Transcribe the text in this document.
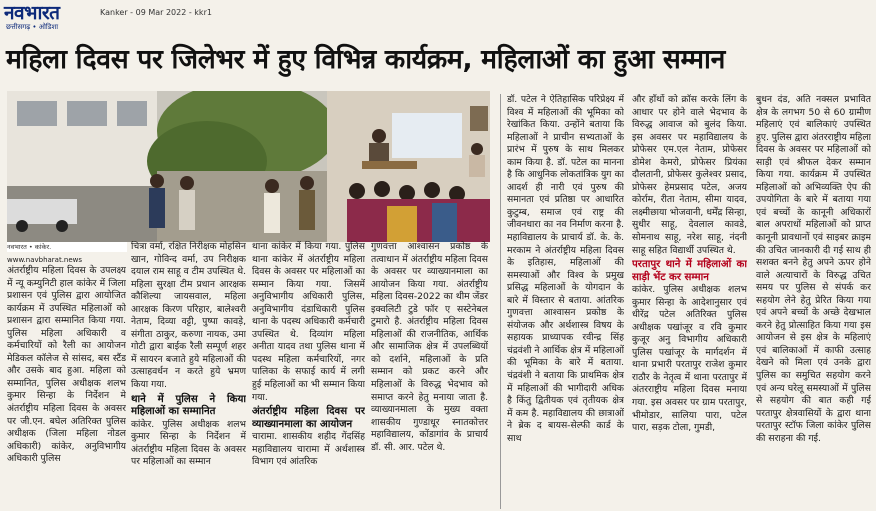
नवभारत
छत्तीसगढ़ • ओडिशा
Kanker - 09 Mar 2022 - kkr1
महिला दिवस पर जिलेभर में हुए विभिन्न कार्यक्रम, महिलाओं का हुआ सम्मान
नवभारत • कांकेर.

www.navbharat.news

अंतर्राष्ट्रीय महिला दिवस के उपलक्ष्य में न्यू कम्युनिटी हाल कांकेर में जिला प्रशासन एवं पुलिस द्वारा आयोजित कार्यक्रम में उपस्थित महिलाओं को प्रशासन द्वारा सम्मानित किया गया. पुलिस महिला अधिकारी व कर्मचारियों को रैली का आयोजन मेडिकल कॉलेज से सांसद, बस स्टैंड और उसके बाद हुआ. महिला को सम्मानित, पुलिस अधीक्षक शलभ कुमार सिन्हा के निर्देशन मे अंतर्राष्ट्रीय महिला दिवस के अवसर पर जी.एन. बघेल अतिरिक्त पुलिस अधीक्षक (जिला महिला नोडल अधिकारी) कांकेर, अनुविभागीय अधिकारी पुलिस

चित्रा वर्मा, रक्षित निरीक्षक मोहसिन खान, गोविन्द वर्मा, उप निरीक्षक दयाल राम साहू व टीम उपस्थित थे. महिला सुरक्षा टीम प्रधान आरक्षक कौशिल्या जायसवाल, महिला आरक्षक किरण परिहार, बालेश्वरी नेताम, दिव्या वट्टी, पुष्पा कावड़े, संगीता ठाकुर, करुणा नायक, उमा गोटी द्वारा बाईक रैली सम्पूर्ण शहर में सायरन बजाते हुये महिलाओं की उत्साहवर्धन न करते हुये भ्रमण किया गया.

थाने में पुलिस ने किया महिलाओं का सम्मानित

कांकेर. पुलिस अधीक्षक शलभ कुमार सिन्हा के निर्देशन में अंतर्राष्ट्रीय महिला दिवस के अवसर पर महिलाओं का सम्मान

थाना कांकेर में किया गया. पुलिस थाना कांकेर में अंतर्राष्ट्रीय महिला दिवस के अवसर पर महिलाओं का सम्मान किया गया. जिसमें अनुविभागीय अधिकारी पुलिस, अनुविभागीय दंडाधिकारी पुलिस थाना के पदस्थ अधिकारी कर्मचारी उपस्थित थे. दिव्यांग महिला अनीता यादव तथा पुलिस थाना में पदस्थ महिला कर्मचारियों, नगर पालिका के सफाई कार्य में लगी हुई महिलाओं का भी सम्मान किया गया.

अंतर्राष्ट्रीय महिला दिवस पर व्याख्यानमाला का आयोजन

चारामा. शासकीय शहीद गेंदसिंह महाविद्यालय चारामा में अर्थशास्त्र विभाग एवं आंतरिक

गुणवत्ता आश्वासन प्रकोष्ठ के तत्वाधान में अंतर्राष्ट्रीय महिला दिवस के अवसर पर व्याख्यानमाला का आयोजन किया गया. अंतर्राष्ट्रीय महिला दिवस-2022 का थीम जेंडर इक्वलिटी टुडे फॉर ए सस्टेनेबल टुमारो है. अंतर्राष्ट्रीय महिला दिवस महिलाओं की राजनीतिक, आर्थिक और सामाजिक क्षेत्र में उपलब्धियों को दर्शाने, महिलाओं के प्रति सम्मान को प्रकट करने और महिलाओं के विरुद्ध भेदभाव को समाप्त करने हेतु मनाया जाता है. व्याख्यानमाला के मुख्य वक्ता शासकीय गुण्डाधूर स्नातकोत्तर महाविद्यालय, कोंडागांव के प्राचार्य डॉ. सी. आर. पटेल थे.

डॉ. पटेल ने ऐतिहासिक परिप्रेक्ष्य में विश्व में महिलाओं की भूमिका को रेखांकित किया. उन्होंने बताया कि महिलाओं ने प्राचीन सभ्यताओं के प्रारंभ में पुरुष के साथ मिलकर काम किया है. डॉ. पटेल का मानना है कि आधुनिक लोकतांत्रिक युग का आदर्श ही नारी एवं पुरुष की समानता एवं प्रतिष्ठा पर आधारित कुटुम्ब, समाज एवं राष्ट्र की जीवनधारा का नव निर्माण करना है. महाविद्यालय के प्राचार्य डॉ. के. के. मरकाम ने अंतर्राष्ट्रीय महिला दिवस के इतिहास, महिलाओं की समस्याओं और विश्व के प्रमुख प्रसिद्ध महिलाओं के योगदान के बारे में विस्तार से बताया. आंतरिक गुणवत्ता आश्वासन प्रकोष्ठ के संयोजक और अर्थशास्त्र विषय के सहायक प्राध्यापक रवीन्द्र सिंह चंद्रवंशी ने आर्थिक क्षेत्र में महिलाओं की भूमिका के बारे में बताया. चंद्रवंशी ने बताया कि प्राथमिक क्षेत्र में महिलाओं की भागीदारी अधिक है किंतु द्वितीयक एवं तृतीयक क्षेत्र में कम है. महाविद्यालय की छात्राओं ने ब्रेक द बायस-सेल्फी कार्ड के साथ

और हाँथों को क्रॉस करके लिंग के आधार पर होने वाले भेदभाव के विरुद्ध आवाज को बुलंद किया. इस अवसर पर महाविद्यालय के प्रोफेसर एम.एल नेताम, प्रोफेसर डोमेश केमरो, प्रोफेसर प्रियंका दौलतानी, प्रोफेसर कुलेश्वर प्रसाद, प्रोफेसर हेमप्रसाद पटेल, अजय कोर्राम, रीता नेताम, सीमा यादव, लक्ष्मीछाया भोजवानी, धर्मेंद्र सिन्हा, सुधीर साहू, देवलाल कावडे, सोमनाथ साहू, नरेश साहू, नंदनी साहू सहित विद्यार्थी उपस्थित थे.

परतापुर थाने में महिलाओं का साड़ी भेंट कर सम्मान

कांकेर. पुलिस अधीक्षक शलभ कुमार सिन्हा के आदेशानुसार एवं धीरेंद्र पटेल अतिरिक्त पुलिस अधीक्षक पखांजूर व रवि कुमार कुजूर अनु विभागीय अधिकारी पुलिस पखांजूर के मार्गदर्शन में थाना प्रभारी परतापुर राजेश कुमार राठौर के नेतृत्व में थाना परतापुर में अंतरराष्ट्रीय महिला दिवस मनाया गया. इस अवसर पर ग्राम परतापुर, भीमोडार, सालिया पारा, पटेल पारा, सड़क टोला, गुमडी,

बुधन दंड, अति नक्सल प्रभावित क्षेत्र के लगभग 50 से 60 ग्रामीण महिलाएं एवं बालिकाएं उपस्थित हुए. पुलिस द्वारा अंतरराष्ट्रीय महिला दिवस के अवसर पर महिलाओं को साड़ी एवं श्रीफल देकर सम्मान किया गया. कार्यक्रम में उपस्थित महिलाओं को अभिव्यक्ति ऐप की उपयोगिता के बारे में बताया गया एवं बच्चों के कानूनी अधिकारों बाल अपराधों महिलाओं को प्राप्त कानूनी प्रावधानों एवं साइबर क्राइम की उचित जानकारी दी गई साथ ही सशक्त बनने हेतु अपने ऊपर होने वाले अत्याचारों के विरुद्ध उचित समय पर पुलिस से संपर्क कर सहयोग लेने हेतु प्रेरित किया गया एवं अपने बच्चों के अच्छे देखभाल करने हेतु प्रोत्साहित किया गया इस आयोजन से इस क्षेत्र के महिलाएं एवं बालिकाओं में काफी उत्साह देखने को मिला एवं उनके द्वारा पुलिस का समुचित सहयोग करने एवं अन्य घरेलू समस्याओं में पुलिस से सहयोग की बात कही गई परतापुर क्षेत्रवासियों के द्वारा थाना परतापुर स्टॉफ जिला कांकेर पुलिस की सराहना की गई.
